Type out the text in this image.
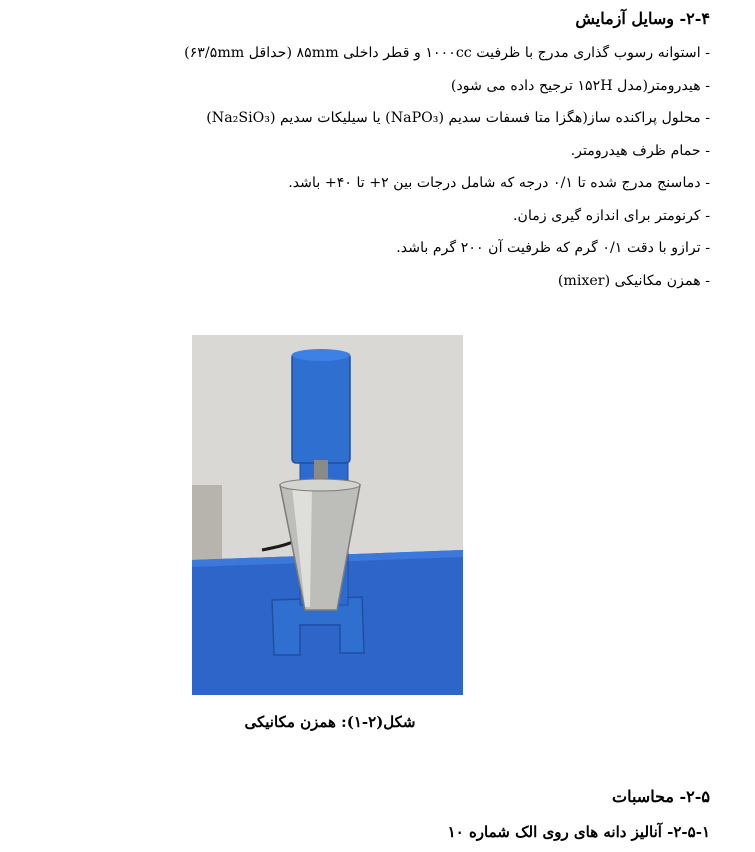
۲-۴- وسایل آزمایش
- استوانه رسوب گذاری مدرج با ظرفیت ۱۰۰۰cc و قطر داخلی ۸۵mm (حداقل ۶۳/۵mm)
- هیدرومتر(مدل ۱۵۲H ترجیح داده می شود)
- محلول پراکنده ساز(هگزا متا فسفات سدیم (NaPO₃) یا سیلیکات سدیم (Na₂SiO₃)
- حمام ظرف هیدرومتر.
- دماسنج مدرج شده تا ۰/۱ درجه که شامل درجات بین ۲+ تا ۴۰+ باشد.
- کرنومتر برای اندازه گیری زمان.
- ترازو با دقت ۰/۱ گرم که ظرفیت آن ۲۰۰ گرم باشد.
- همزن مکانیکی (mixer)
شکل(۲-۱): همزن مکانیکی
۲-۵- محاسبات
۲-۵-۱- آنالیز دانه های روی الک شماره ۱۰
